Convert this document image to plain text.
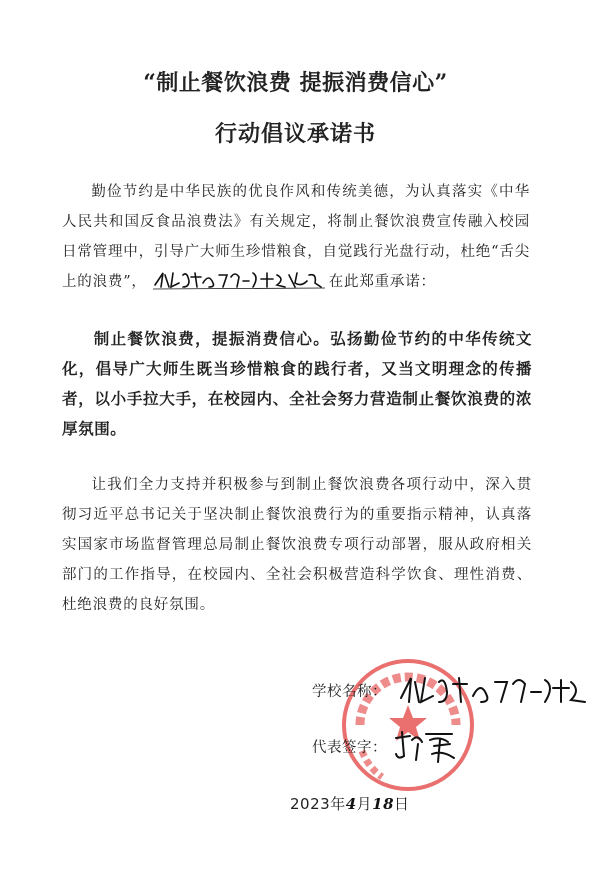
“制止餐饮浪费 提振消费信心”
行动倡议承诺书
勤俭节约是中华民族的优良作风和传统美德，为认真落实《中华人民共和国反食品浪费法》有关规定，将制止餐饮浪费宣传融入校园日常管理中，引导广大师生珍惜粮食，自觉践行光盘行动，杜绝“舌尖上的浪费”，	在此郑重承诺：
制止餐饮浪费，提振消费信心。弘扬勤俭节约的中华传统文化，倡导广大师生既当珍惜粮食的践行者，又当文明理念的传播者，以小手拉大手，在校园内、全社会努力营造制止餐饮浪费的浓厚氛围。
让我们全力支持并积极参与到制止餐饮浪费各项行动中，深入贯彻习近平总书记关于坚决制止餐饮浪费行为的重要指示精神，认真落实国家市场监督管理总局制止餐饮浪费专项行动部署，服从政府相关部门的工作指导，在校园内、全社会积极营造科学饮食、理性消费、杜绝浪费的良好氛围。
学校名称：
代表签字：
2023年4月18日
